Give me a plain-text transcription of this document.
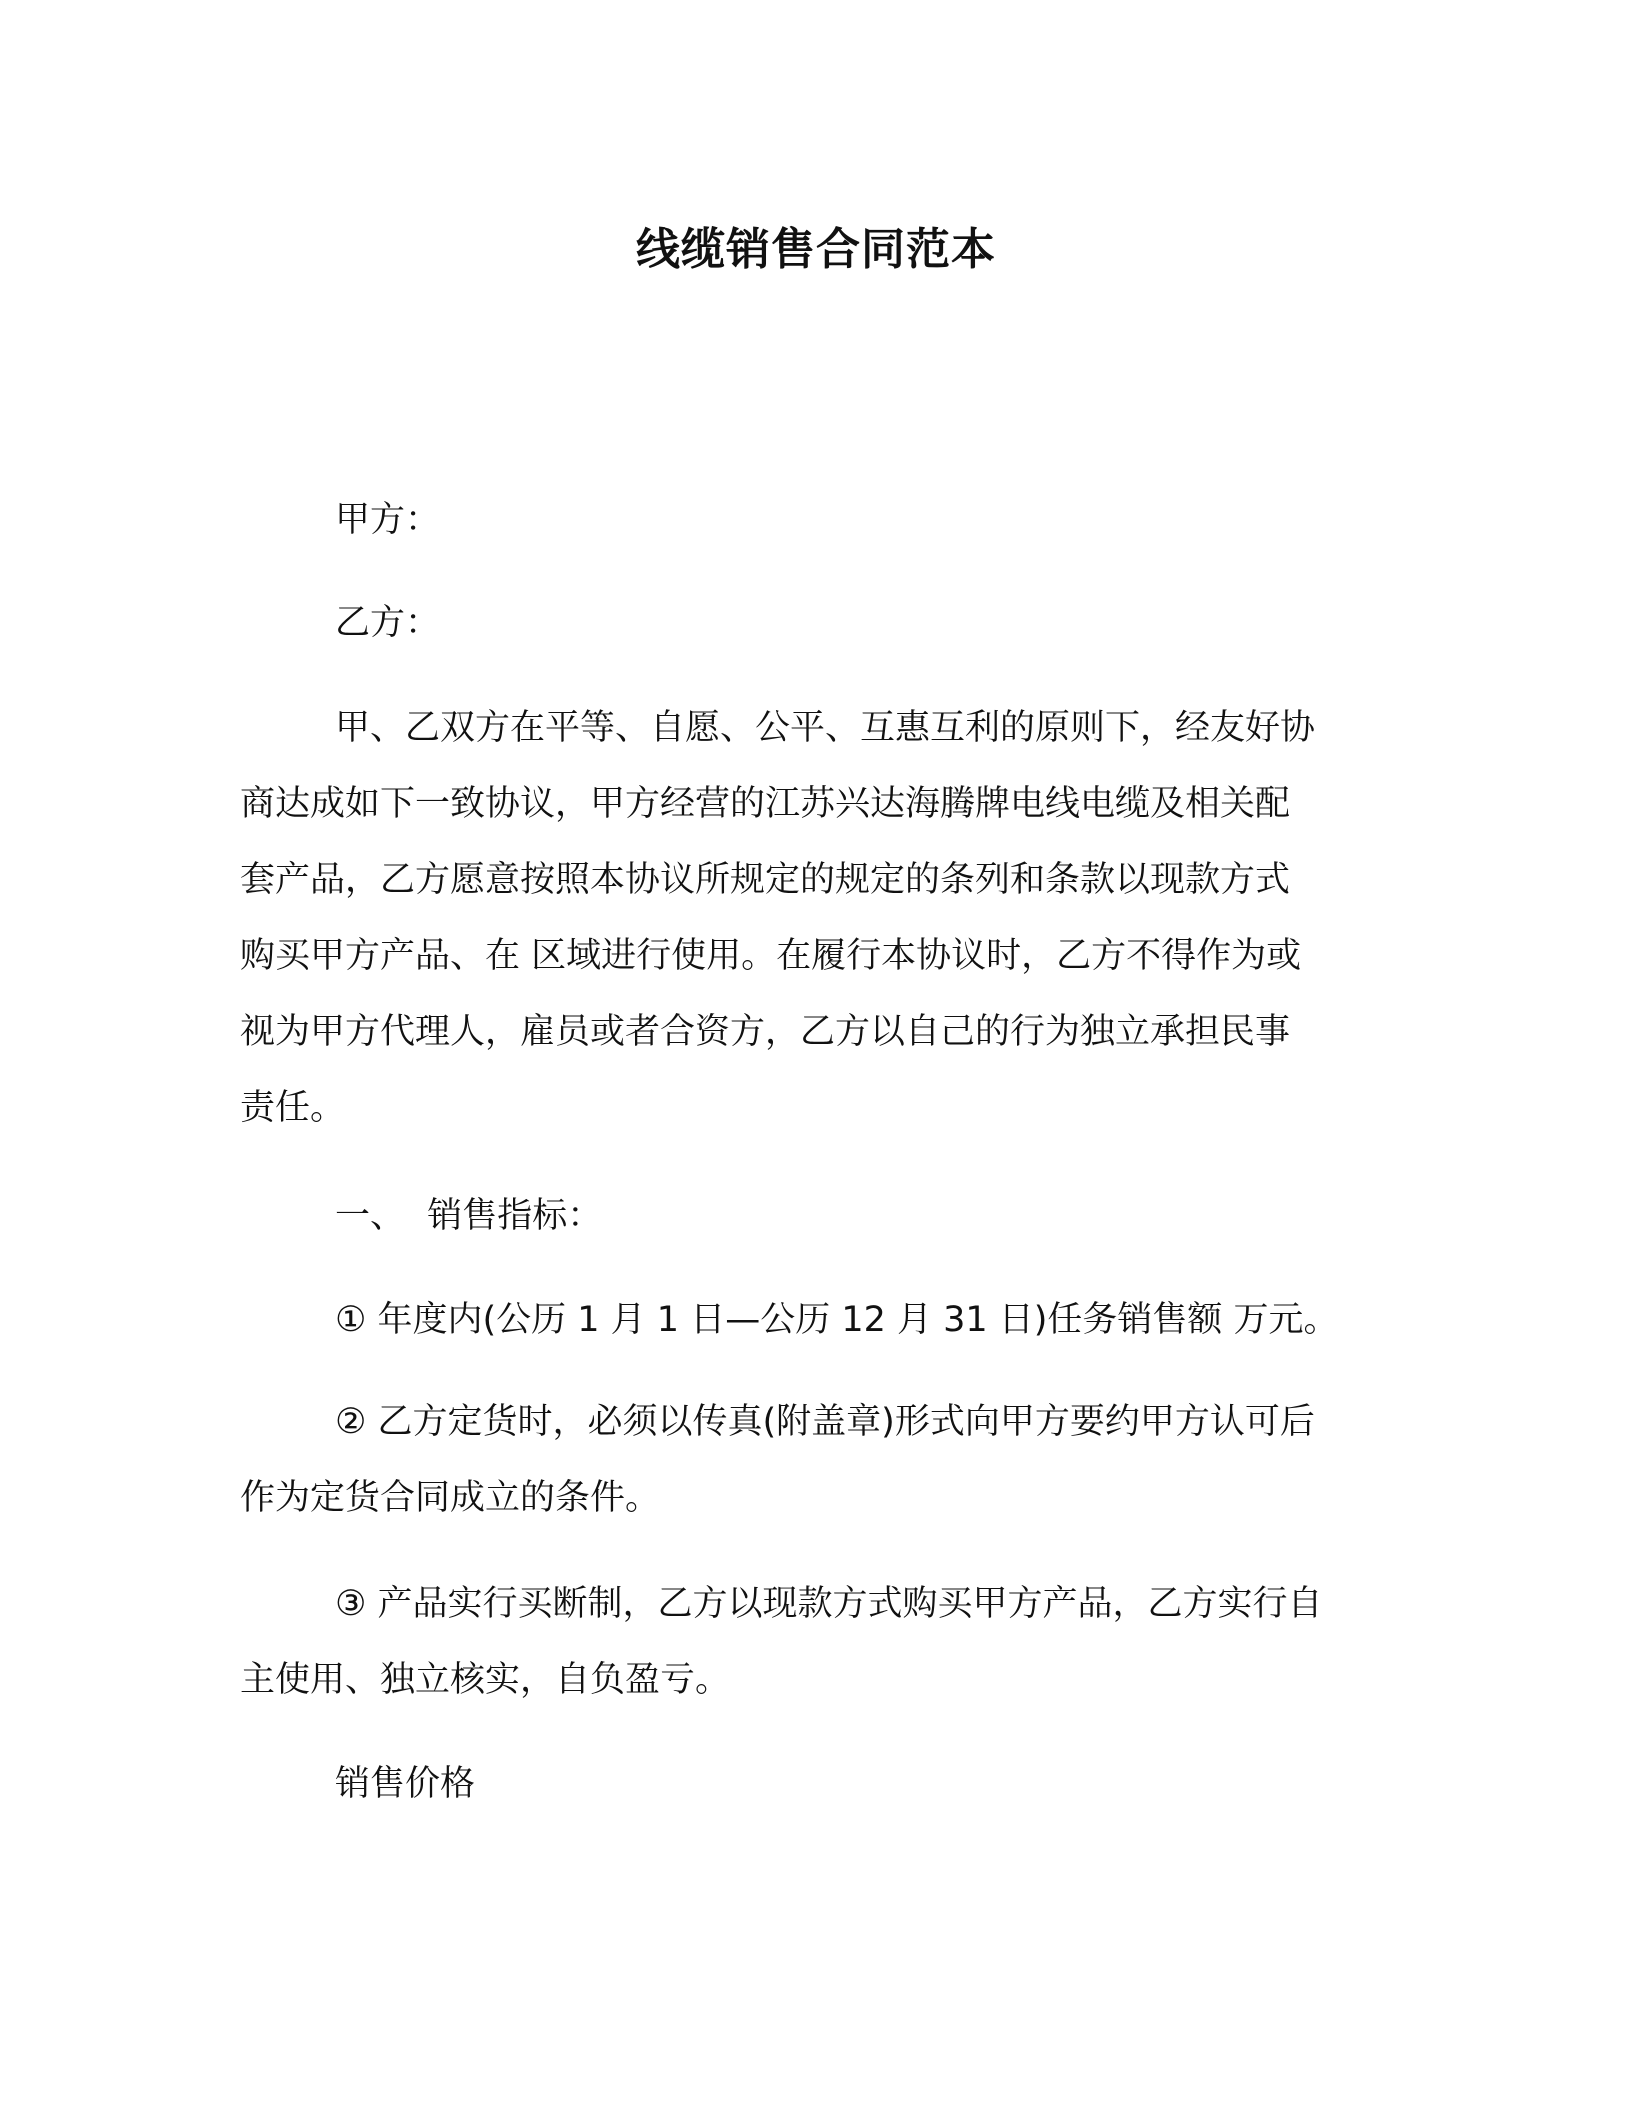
线缆销售合同范本
甲方：
乙方：
甲、乙双方在平等、自愿、公平、互惠互利的原则下，经友好协
商达成如下一致协议，甲方经营的江苏兴达海腾牌电线电缆及相关配
套产品，乙方愿意按照本协议所规定的规定的条列和条款以现款方式
购买甲方产品、在 区域进行使用。在履行本协议时，乙方不得作为或
视为甲方代理人，雇员或者合资方，乙方以自己的行为独立承担民事
责任。
一、  销售指标：
① 年度内(公历 1 月 1 日—公历 12 月 31 日)任务销售额 万元。
② 乙方定货时，必须以传真(附盖章)形式向甲方要约甲方认可后
作为定货合同成立的条件。
③ 产品实行买断制，乙方以现款方式购买甲方产品，乙方实行自
主使用、独立核实，自负盈亏。
销售价格
